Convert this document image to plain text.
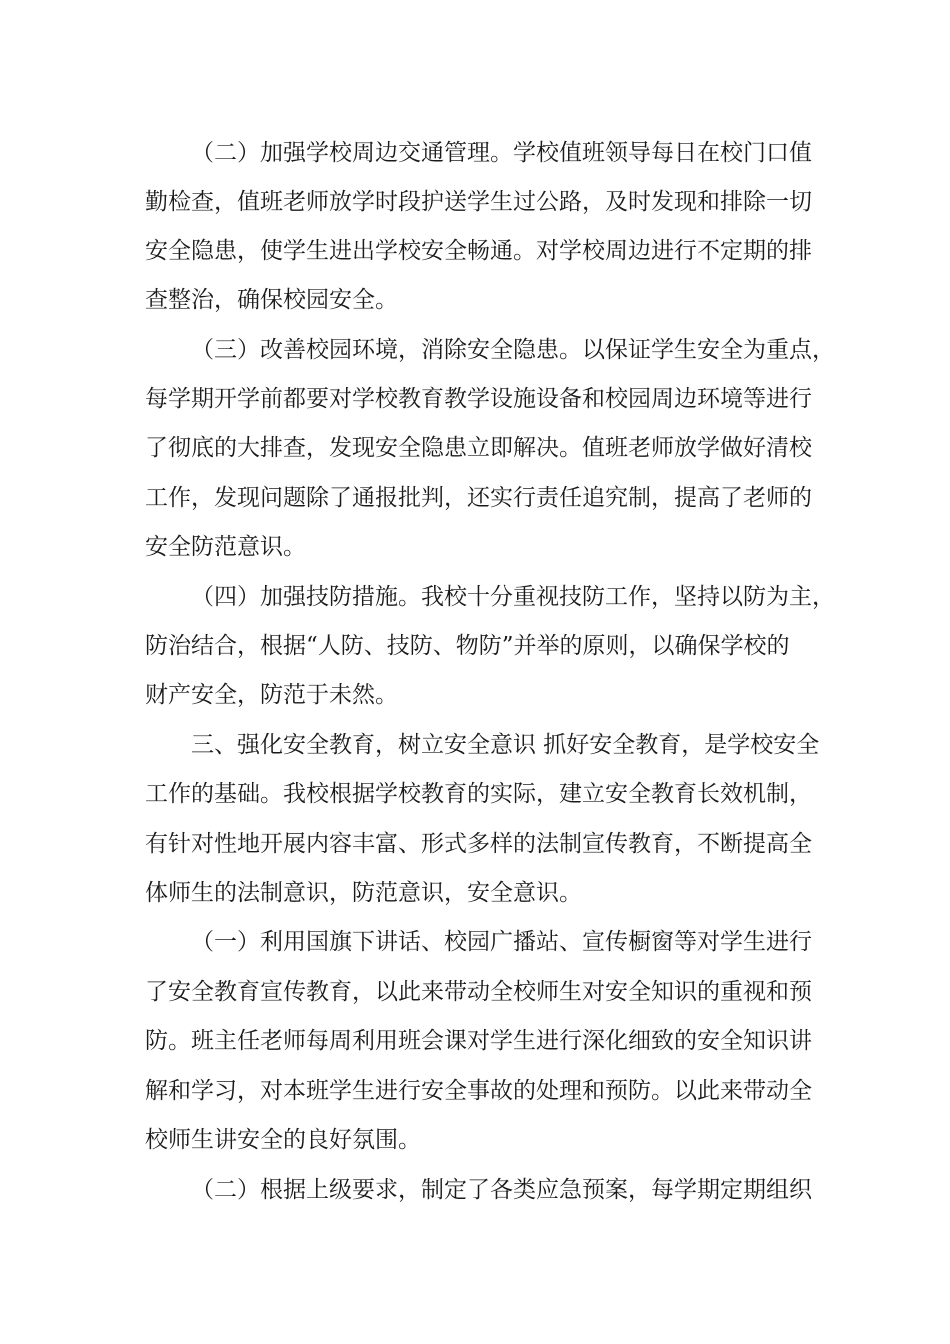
（二）加强学校周边交通管理。学校值班领导每日在校门口值
勤检查，值班老师放学时段护送学生过公路，及时发现和排除一切
安全隐患，使学生进出学校安全畅通。对学校周边进行不定期的排
查整治，确保校园安全。
（三）改善校园环境，消除安全隐患。以保证学生安全为重点，
每学期开学前都要对学校教育教学设施设备和校园周边环境等进行
了彻底的大排查，发现安全隐患立即解决。值班老师放学做好清校
工作，发现问题除了通报批判，还实行责任追究制，提高了老师的
安全防范意识。
（四）加强技防措施。我校十分重视技防工作，坚持以防为主，
防治结合，根据“人防、技防、物防”并举的原则，以确保学校的
财产安全，防范于未然。
三、强化安全教育，树立安全意识 抓好安全教育，是学校安全
工作的基础。我校根据学校教育的实际，建立安全教育长效机制，
有针对性地开展内容丰富、形式多样的法制宣传教育，不断提高全
体师生的法制意识，防范意识，安全意识。
（一）利用国旗下讲话、校园广播站、宣传橱窗等对学生进行
了安全教育宣传教育，以此来带动全校师生对安全知识的重视和预
防。班主任老师每周利用班会课对学生进行深化细致的安全知识讲
解和学习，对本班学生进行安全事故的处理和预防。以此来带动全
校师生讲安全的良好氛围。
（二）根据上级要求，制定了各类应急预案，每学期定期组织
